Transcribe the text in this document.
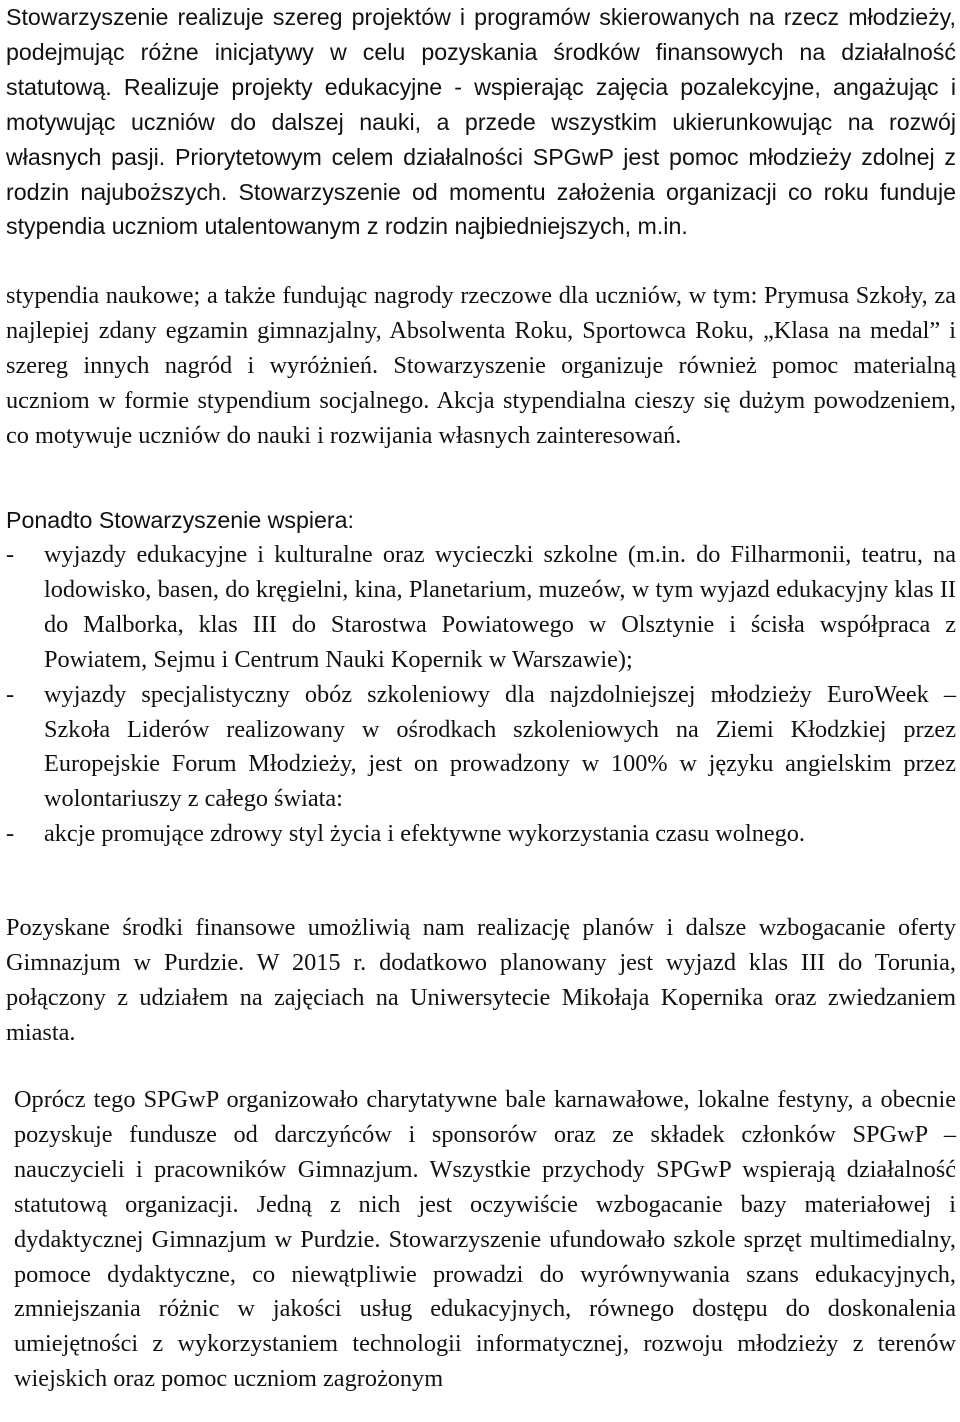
Stowarzyszenie realizuje szereg projektów i programów skierowanych na rzecz młodzieży, podejmując różne inicjatywy w celu pozyskania środków finansowych na działalność statutową. Realizuje projekty edukacyjne - wspierając zajęcia pozalekcyjne, angażując i motywując uczniów do dalszej nauki, a przede wszystkim ukierunkowując na rozwój własnych pasji. Priorytetowym celem działalności SPGwP jest pomoc młodzieży zdolnej z rodzin najuboższych. Stowarzyszenie od momentu założenia organizacji co roku funduje stypendia uczniom utalentowanym z rodzin najbiedniejszych, m.in.

stypendia naukowe; a także fundując nagrody rzeczowe dla uczniów, w tym: Prymusa Szkoły, za najlepiej zdany egzamin gimnazjalny, Absolwenta Roku, Sportowca Roku, „Klasa na medal” i szereg innych nagród i wyróżnień. Stowarzyszenie organizuje również pomoc materialną uczniom w formie stypendium socjalnego. Akcja stypendialna cieszy się dużym powodzeniem, co motywuje uczniów do nauki i rozwijania własnych zainteresowań.

Ponadto Stowarzyszenie wspiera:

- wyjazdy edukacyjne i kulturalne oraz wycieczki szkolne (m.in. do Filharmonii, teatru, na lodowisko, basen, do kręgielni, kina, Planetarium, muzeów, w tym wyjazd edukacyjny klas II do Malborka, klas III do Starostwa Powiatowego w Olsztynie i ścisła współpraca z Powiatem, Sejmu i Centrum Nauki Kopernik w Warszawie);
- wyjazdy specjalistyczny obóz szkoleniowy dla najzdolniejszej młodzieży EuroWeek – Szkoła Liderów realizowany w ośrodkach szkoleniowych na Ziemi Kłodzkiej przez Europejskie Forum Młodzieży, jest on prowadzony w 100% w języku angielskim przez wolontariuszy z całego świata:
- akcje promujące zdrowy styl życia i efektywne wykorzystania czasu wolnego.

Pozyskane środki finansowe umożliwią nam realizację planów i dalsze wzbogacanie oferty Gimnazjum w Purdzie. W 2015 r. dodatkowo planowany jest wyjazd klas III do Torunia, połączony z udziałem na zajęciach na Uniwersytecie Mikołaja Kopernika oraz zwiedzaniem miasta.

Oprócz tego SPGwP organizowało charytatywne bale karnawałowe, lokalne festyny, a obecnie pozyskuje fundusze od darczyńców i sponsorów oraz ze składek członków SPGwP – nauczycieli i pracowników Gimnazjum. Wszystkie przychody SPGwP wspierają działalność statutową organizacji. Jedną z nich jest oczywiście wzbogacanie bazy materiałowej i dydaktycznej Gimnazjum w Purdzie. Stowarzyszenie ufundowało szkole sprzęt multimedialny, pomoce dydaktyczne, co niewątpliwie prowadzi do wyrównywania szans edukacyjnych, zmniejszania różnic w jakości usług edukacyjnych, równego dostępu do doskonalenia umiejętności z wykorzystaniem technologii informatycznej, rozwoju młodzieży z terenów wiejskich oraz pomoc uczniom zagrożonym
